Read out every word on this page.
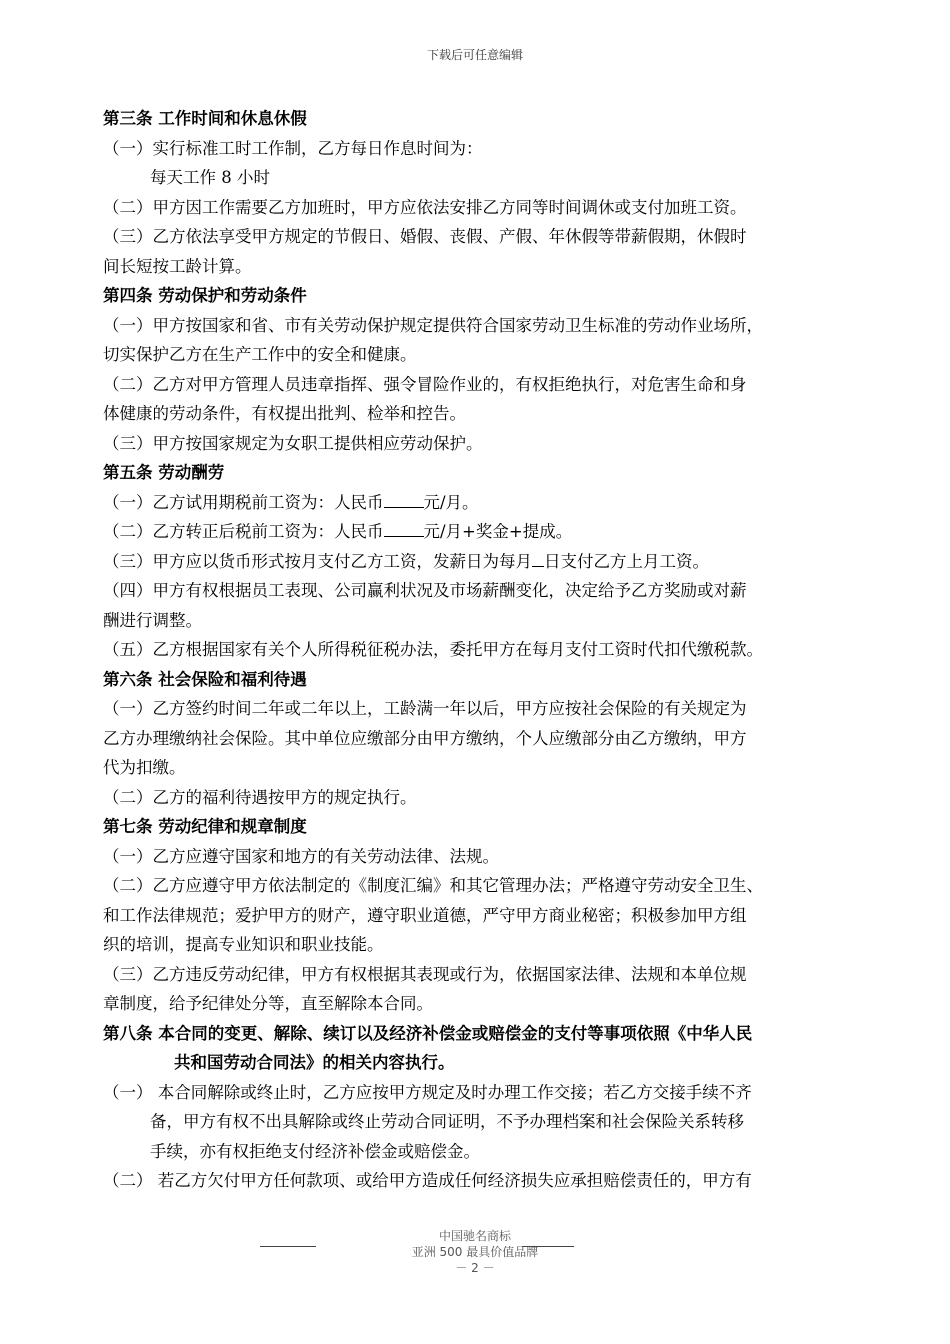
下载后可任意编辑
第三条 工作时间和休息休假
（一）实行标准工时工作制，乙方每日作息时间为：
每天工作 8 小时
（二）甲方因工作需要乙方加班时，甲方应依法安排乙方同等时间调休或支付加班工资。
（三）乙方依法享受甲方规定的节假日、婚假、丧假、产假、年休假等带薪假期，休假时
间长短按工龄计算。
第四条 劳动保护和劳动条件
（一）甲方按国家和省、市有关劳动保护规定提供符合国家劳动卫生标准的劳动作业场所，
切实保护乙方在生产工作中的安全和健康。
（二）乙方对甲方管理人员违章指挥、强令冒险作业的，有权拒绝执行，对危害生命和身
体健康的劳动条件，有权提出批判、检举和控告。
（三）甲方按国家规定为女职工提供相应劳动保护。
第五条 劳动酬劳
（一）乙方试用期税前工资为：人民币 元/月。
（二）乙方转正后税前工资为：人民币 元/月+奖金+提成。
（三）甲方应以货币形式按月支付乙方工资，发薪日为每月 日支付乙方上月工资。
（四）甲方有权根据员工表现、公司赢利状况及市场薪酬变化，决定给予乙方奖励或对薪
酬进行调整。
（五）乙方根据国家有关个人所得税征税办法，委托甲方在每月支付工资时代扣代缴税款。
第六条 社会保险和福利待遇
（一）乙方签约时间二年或二年以上，工龄满一年以后，甲方应按社会保险的有关规定为
乙方办理缴纳社会保险。其中单位应缴部分由甲方缴纳，个人应缴部分由乙方缴纳，甲方
代为扣缴。
（二）乙方的福利待遇按甲方的规定执行。
第七条 劳动纪律和规章制度
（一）乙方应遵守国家和地方的有关劳动法律、法规。
（二）乙方应遵守甲方依法制定的《制度汇编》和其它管理办法；严格遵守劳动安全卫生、
和工作法律规范；爱护甲方的财产，遵守职业道德，严守甲方商业秘密；积极参加甲方组
织的培训，提高专业知识和职业技能。
（三）乙方违反劳动纪律，甲方有权根据其表现或行为，依据国家法律、法规和本单位规
章制度，给予纪律处分等，直至解除本合同。
第八条 本合同的变更、解除、续订以及经济补偿金或赔偿金的支付等事项依照《中华人民
共和国劳动合同法》的相关内容执行。
（一） 本合同解除或终止时，乙方应按甲方规定及时办理工作交接；若乙方交接手续不齐
备，甲方有权不出具解除或终止劳动合同证明，不予办理档案和社会保险关系转移
手续，亦有权拒绝支付经济补偿金或赔偿金。
（二） 若乙方欠付甲方任何款项、或给甲方造成任何经济损失应承担赔偿责任的，甲方有
中国驰名商标
亚洲 500 最具价值品牌
－ 2 －
